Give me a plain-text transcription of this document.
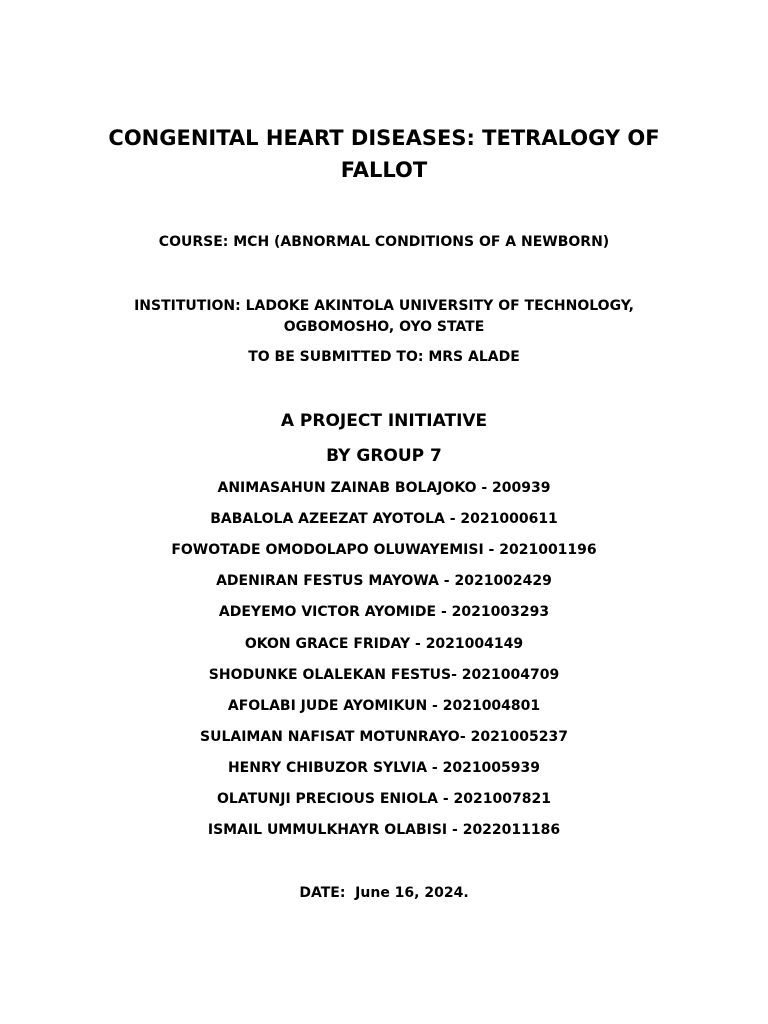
CONGENITAL HEART DISEASES: TETRALOGY OF FALLOT
COURSE: MCH (ABNORMAL CONDITIONS OF A NEWBORN)
INSTITUTION: LADOKE AKINTOLA UNIVERSITY OF TECHNOLOGY, OGBOMOSHO, OYO STATE
TO BE SUBMITTED TO: MRS ALADE
A PROJECT INITIATIVE
BY GROUP 7
ANIMASAHUN ZAINAB BOLAJOKO - 200939
BABALOLA AZEEZAT AYOTOLA - 2021000611
FOWOTADE OMODOLAPO OLUWAYEMISI - 2021001196
ADENIRAN FESTUS MAYOWA - 2021002429
ADEYEMO VICTOR AYOMIDE - 2021003293
OKON GRACE FRIDAY - 2021004149
SHODUNKE OLALEKAN FESTUS- 2021004709
AFOLABI JUDE AYOMIKUN - 2021004801
SULAIMAN NAFISAT MOTUNRAYO- 2021005237
HENRY CHIBUZOR SYLVIA - 2021005939
OLATUNJI PRECIOUS ENIOLA - 2021007821
ISMAIL UMMULKHAYR OLABISI - 2022011186
DATE:  June 16, 2024.
